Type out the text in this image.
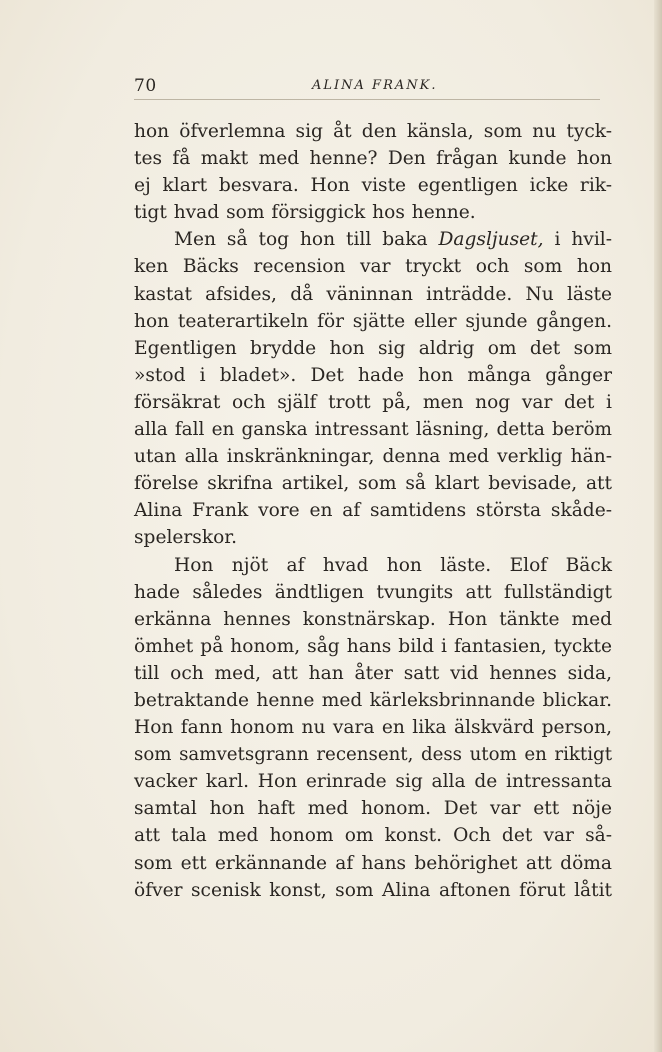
70	ALINA FRANK.
hon öfverlemna sig åt den känsla, som nu tyck-
tes få makt med henne? Den frågan kunde hon
ej klart besvara. Hon viste egentligen icke rik-
tigt hvad som försiggick hos henne.
Men så tog hon till baka Dagsljuset, i hvil-
ken Bäcks recension var tryckt och som hon
kastat afsides, då väninnan inträdde. Nu läste
hon teaterartikeln för sjätte eller sjunde gången.
Egentligen brydde hon sig aldrig om det som
»stod i bladet». Det hade hon många gånger
försäkrat och själf trott på, men nog var det i
alla fall en ganska intressant läsning, detta beröm
utan alla inskränkningar, denna med verklig hän-
förelse skrifna artikel, som så klart bevisade, att
Alina Frank vore en af samtidens största skåde-
spelerskor.
Hon njöt af hvad hon läste. Elof Bäck
hade således ändtligen tvungits att fullständigt
erkänna hennes konstnärskap. Hon tänkte med
ömhet på honom, såg hans bild i fantasien, tyckte
till och med, att han åter satt vid hennes sida,
betraktande henne med kärleksbrinnande blickar.
Hon fann honom nu vara en lika älskvärd person,
som samvetsgrann recensent, dess utom en riktigt
vacker karl. Hon erinrade sig alla de intressanta
samtal hon haft med honom. Det var ett nöje
att tala med honom om konst. Och det var så-
som ett erkännande af hans behörighet att döma
öfver scenisk konst, som Alina aftonen förut låtit
